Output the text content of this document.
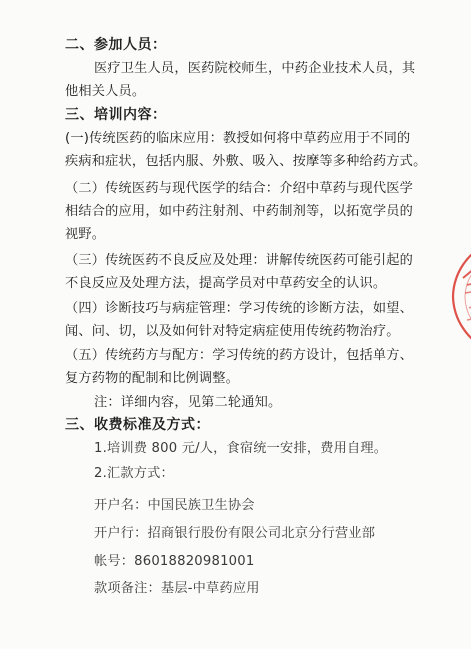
二、参加人员：
医疗卫生人员，医药院校师生，中药企业技术人员，其
他相关人员。
三、培训内容：
(一)传统医药的临床应用：教授如何将中草药应用于不同的
疾病和症状，包括内服、外敷、吸入、按摩等多种给药方式。
（二）传统医药与现代医学的结合：介绍中草药与现代医学
相结合的应用，如中药注射剂、中药制剂等，以拓宽学员的
视野。
（三）传统医药不良反应及处理：讲解传统医药可能引起的
不良反应及处理方法，提高学员对中草药安全的认识。
（四）诊断技巧与病症管理：学习传统的诊断方法，如望、
闻、问、切，以及如何针对特定病症使用传统药物治疗。
（五）传统药方与配方：学习传统的药方设计，包括单方、
复方药物的配制和比例调整。
注：详细内容，见第二轮通知。
三、收费标准及方式：
1.培训费 800 元/人，食宿统一安排，费用自理。
2.汇款方式：
开户名：中国民族卫生协会
开户行：招商银行股份有限公司北京分行营业部
帐号：86018820981001
款项备注：基层-中草药应用
